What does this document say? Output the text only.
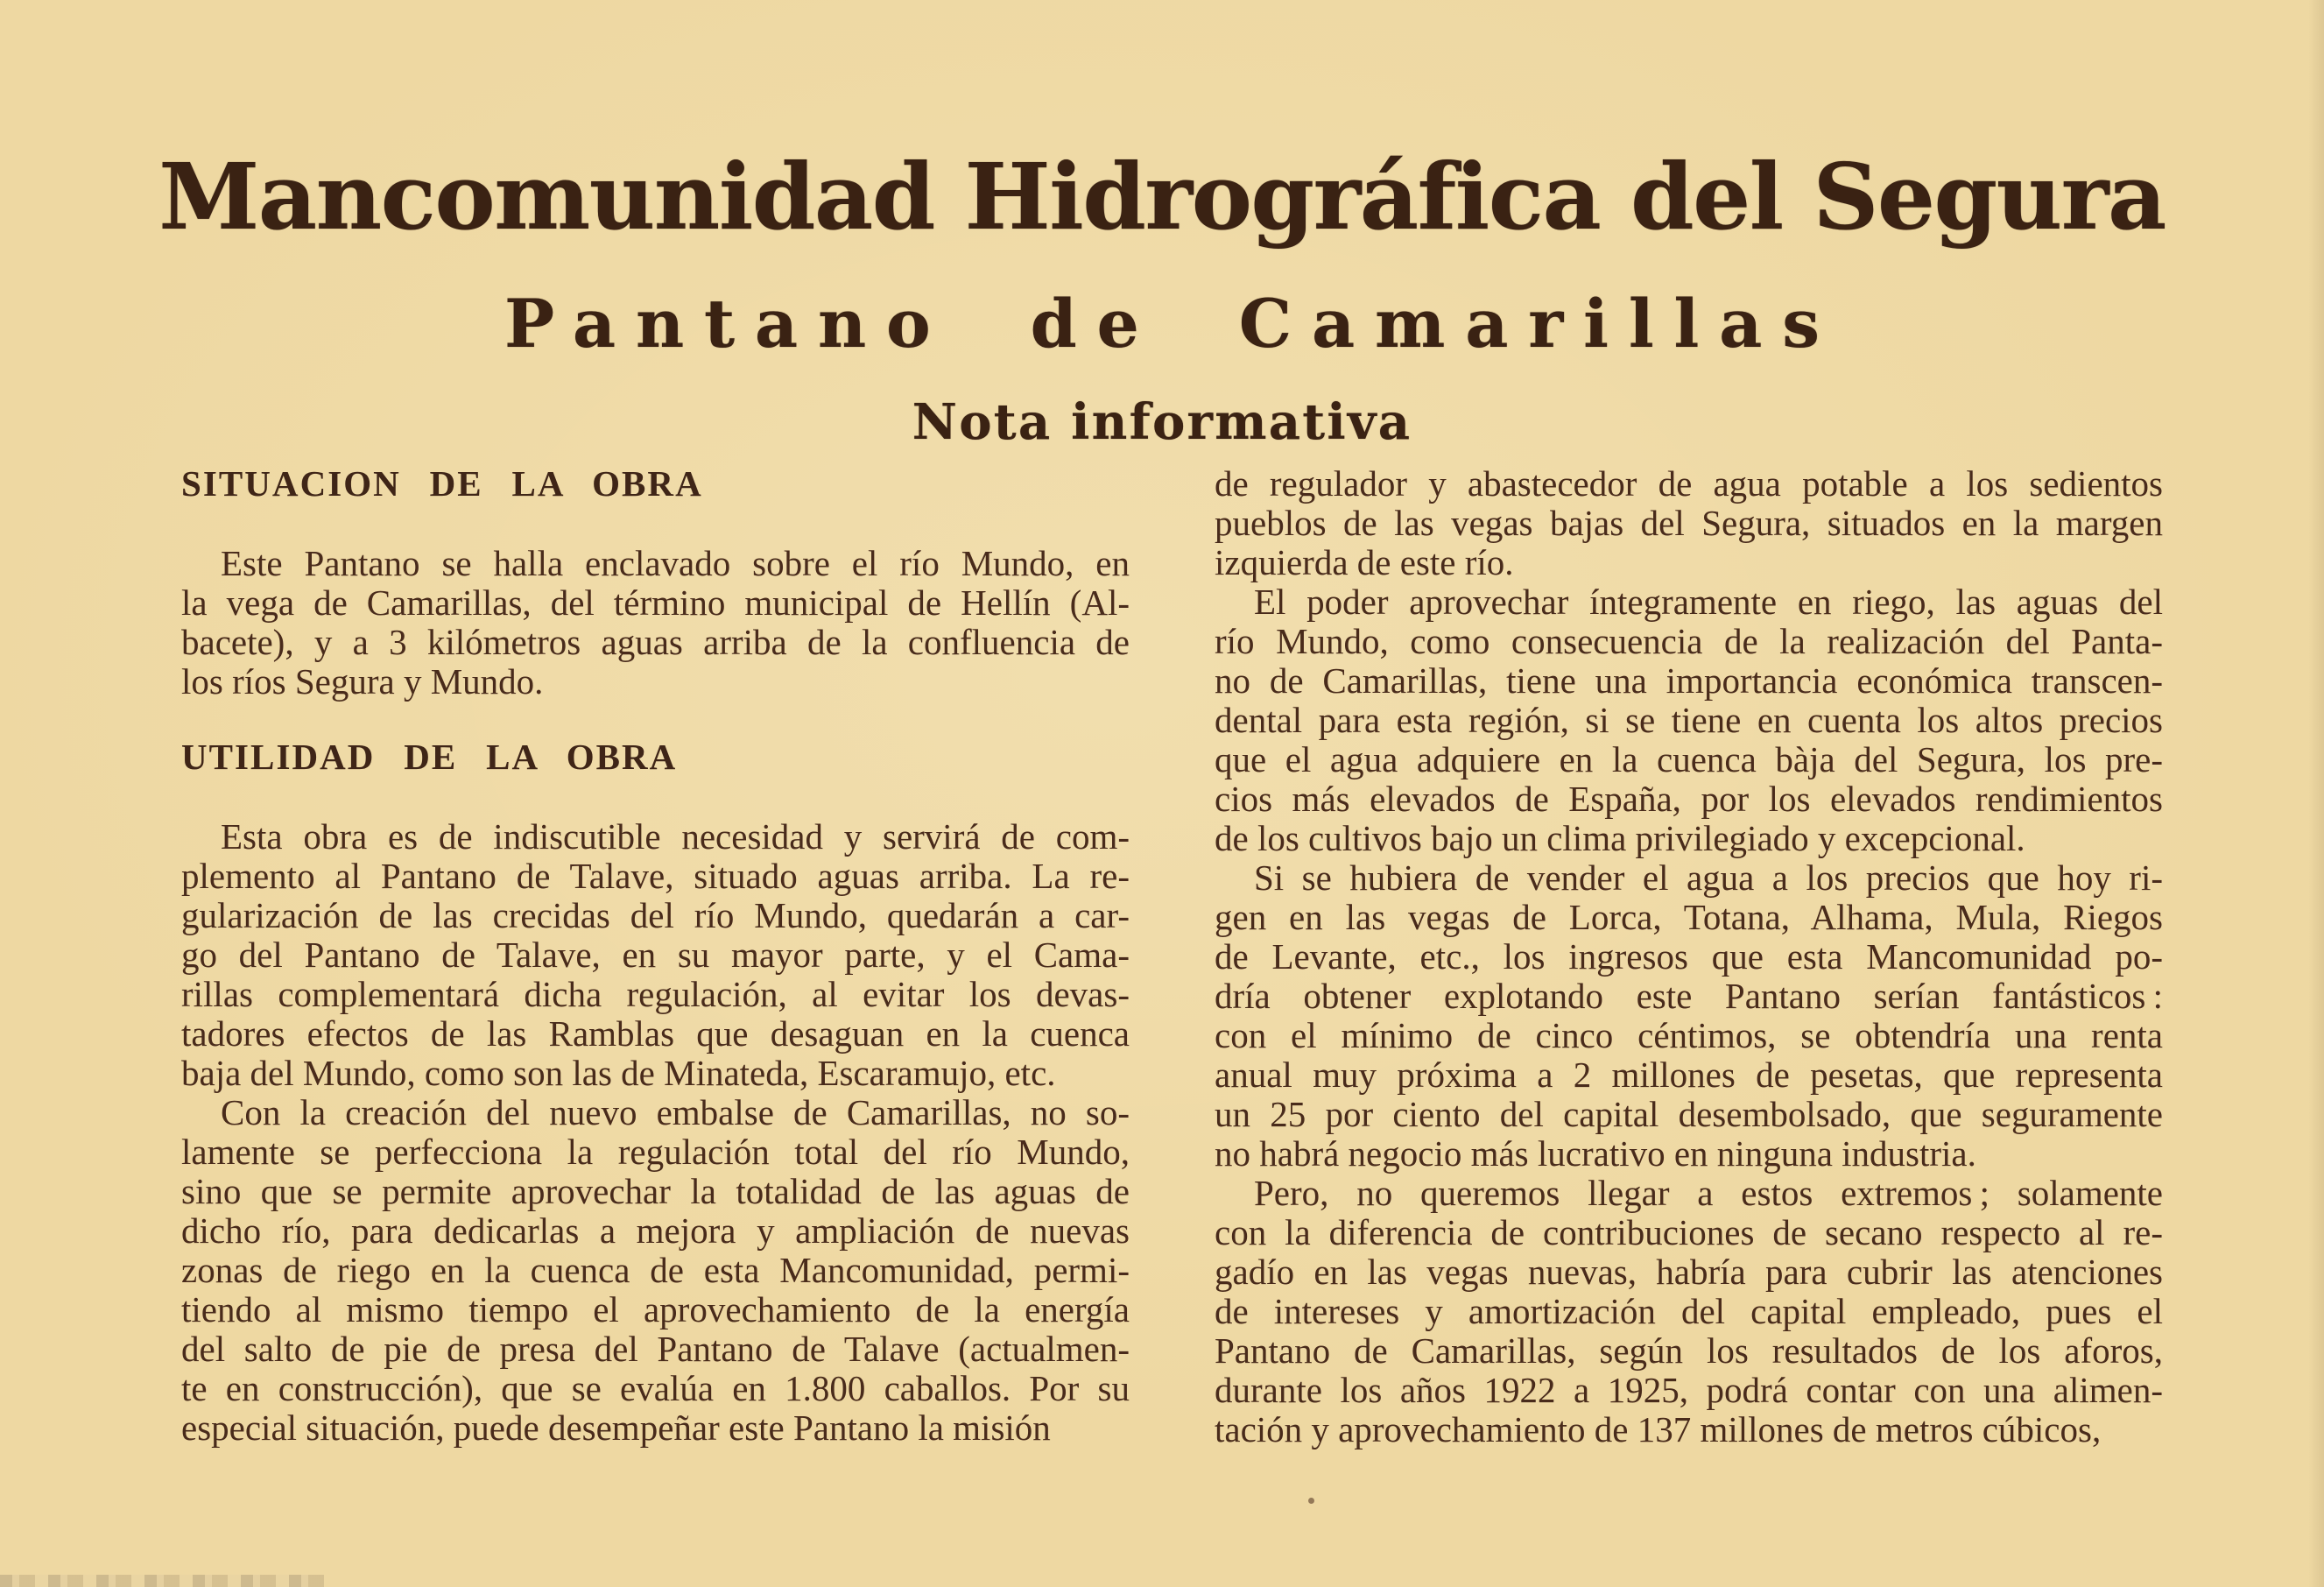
Mancomunidad Hidrográfica del Segura
Pantano de Camarillas
Nota informativa
SITUACION DE LA OBRA
Este Pantano se halla enclavado sobre el río Mundo, en
la vega de Camarillas, del término municipal de Hellín (Al-
bacete), y a 3 kilómetros aguas arriba de la confluencia de
los ríos Segura y Mundo.
UTILIDAD DE LA OBRA
Esta obra es de indiscutible necesidad y servirá de com-
plemento al Pantano de Talave, situado aguas arriba. La re-
gularización de las crecidas del río Mundo, quedarán a car-
go del Pantano de Talave, en su mayor parte, y el Cama-
rillas complementará dicha regulación, al evitar los devas-
tadores efectos de las Ramblas que desaguan en la cuenca
baja del Mundo, como son las de Minateda, Escaramujo, etc.
Con la creación del nuevo embalse de Camarillas, no so-
lamente se perfecciona la regulación total del río Mundo,
sino que se permite aprovechar la totalidad de las aguas de
dicho río, para dedicarlas a mejora y ampliación de nuevas
zonas de riego en la cuenca de esta Mancomunidad, permi-
tiendo al mismo tiempo el aprovechamiento de la energía
del salto de pie de presa del Pantano de Talave (actualmen-
te en construcción), que se evalúa en 1.800 caballos. Por su
especial situación, puede desempeñar este Pantano la misión
de regulador y abastecedor de agua potable a los sedientos
pueblos de las vegas bajas del Segura, situados en la margen
izquierda de este río.
El poder aprovechar íntegramente en riego, las aguas del
río Mundo, como consecuencia de la realización del Panta-
no de Camarillas, tiene una importancia económica transcen-
dental para esta región, si se tiene en cuenta los altos precios
que el agua adquiere en la cuenca bàja del Segura, los pre-
cios más elevados de España, por los elevados rendimientos
de los cultivos bajo un clima privilegiado y excepcional.
Si se hubiera de vender el agua a los precios que hoy ri-
gen en las vegas de Lorca, Totana, Alhama, Mula, Riegos
de Levante, etc., los ingresos que esta Mancomunidad po-
dría obtener explotando este Pantano serían fantásticos :
con el mínimo de cinco céntimos, se obtendría una renta
anual muy próxima a 2 millones de pesetas, que representa
un 25 por ciento del capital desembolsado, que seguramente
no habrá negocio más lucrativo en ninguna industria.
Pero, no queremos llegar a estos extremos ; solamente
con la diferencia de contribuciones de secano respecto al re-
gadío en las vegas nuevas, habría para cubrir las atenciones
de intereses y amortización del capital empleado, pues el
Pantano de Camarillas, según los resultados de los aforos,
durante los años 1922 a 1925, podrá contar con una alimen-
tación y aprovechamiento de 137 millones de metros cúbicos,
